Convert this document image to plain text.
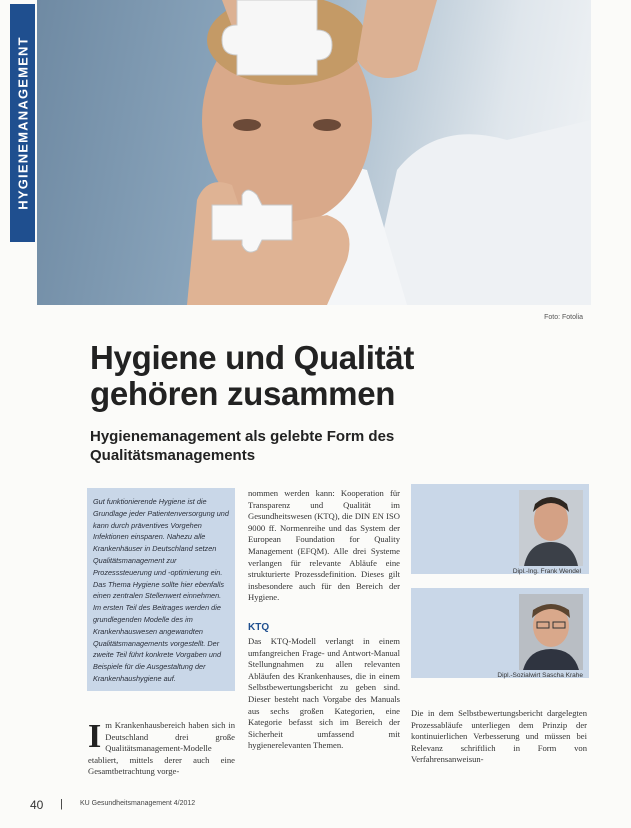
HYGIENEMANAGEMENT
Foto: Fotolia
Hygiene und Qualität
gehören zusammen
Hygienemanagement als gelebte Form des Qualitätsmanagements

Gut funktionierende Hygiene ist die Grundlage jeder Patientenversorgung und kann durch präventives Vorgehen Infektionen einsparen. Nahezu alle Krankenhäuser in Deutschland setzen Qualitätsmanagement zur Prozesssteuerung und -optimierung ein. Das Thema Hygiene sollte hier ebenfalls einen zentralen Stellenwert einnehmen. Im ersten Teil des Beitrages werden die grundlegenden Modelle des im Krankenhauswesen angewandten Qualitätsmanagements vorgestellt. Der zweite Teil führt konkrete Vorgaben und Beispiele für die Ausgestaltung der Krankenhaushygiene auf.

I m Krankenhausbereich haben sich in Deutschland drei große Qualitätsmanagement-Modelle etabliert, mittels derer auch eine Gesamtbetrachtung vorge-

nommen werden kann: Kooperation für Transparenz und Qualität im Gesundheitswesen (KTQ), die DIN EN ISO 9000 ff. Normenreihe und das System der European Foundation for Quality Management (EFQM). Alle drei Systeme verlangen für relevante Abläufe eine strukturierte Prozessdefinition. Dieses gilt insbesondere auch für den Bereich der Hygiene.

KTQ

Das KTQ-Modell verlangt in einem umfangreichen Frage- und Antwort-Manual Stellungnahmen zu allen relevanten Abläufen des Krankenhauses, die in einem Selbstbewertungsbericht zu geben sind. Dieser besteht nach Vorgabe des Manuals aus sechs großen Kategorien, eine Kategorie befasst sich im Bereich der Sicherheit umfassend mit hygienerelevanten Themen.

Dipl.-Ing. Frank Wendel
Dipl.-Sozialwirt Sascha Krahe

Die in dem Selbstbewertungsbericht dargelegten Prozessabläufe unterliegen dem Prinzip der kontinuierlichen Verbesserung und müssen bei Relevanz schriftlich in Form von Verfahrensanweisun-

40 | KU Gesundheitsmanagement 4/2012
